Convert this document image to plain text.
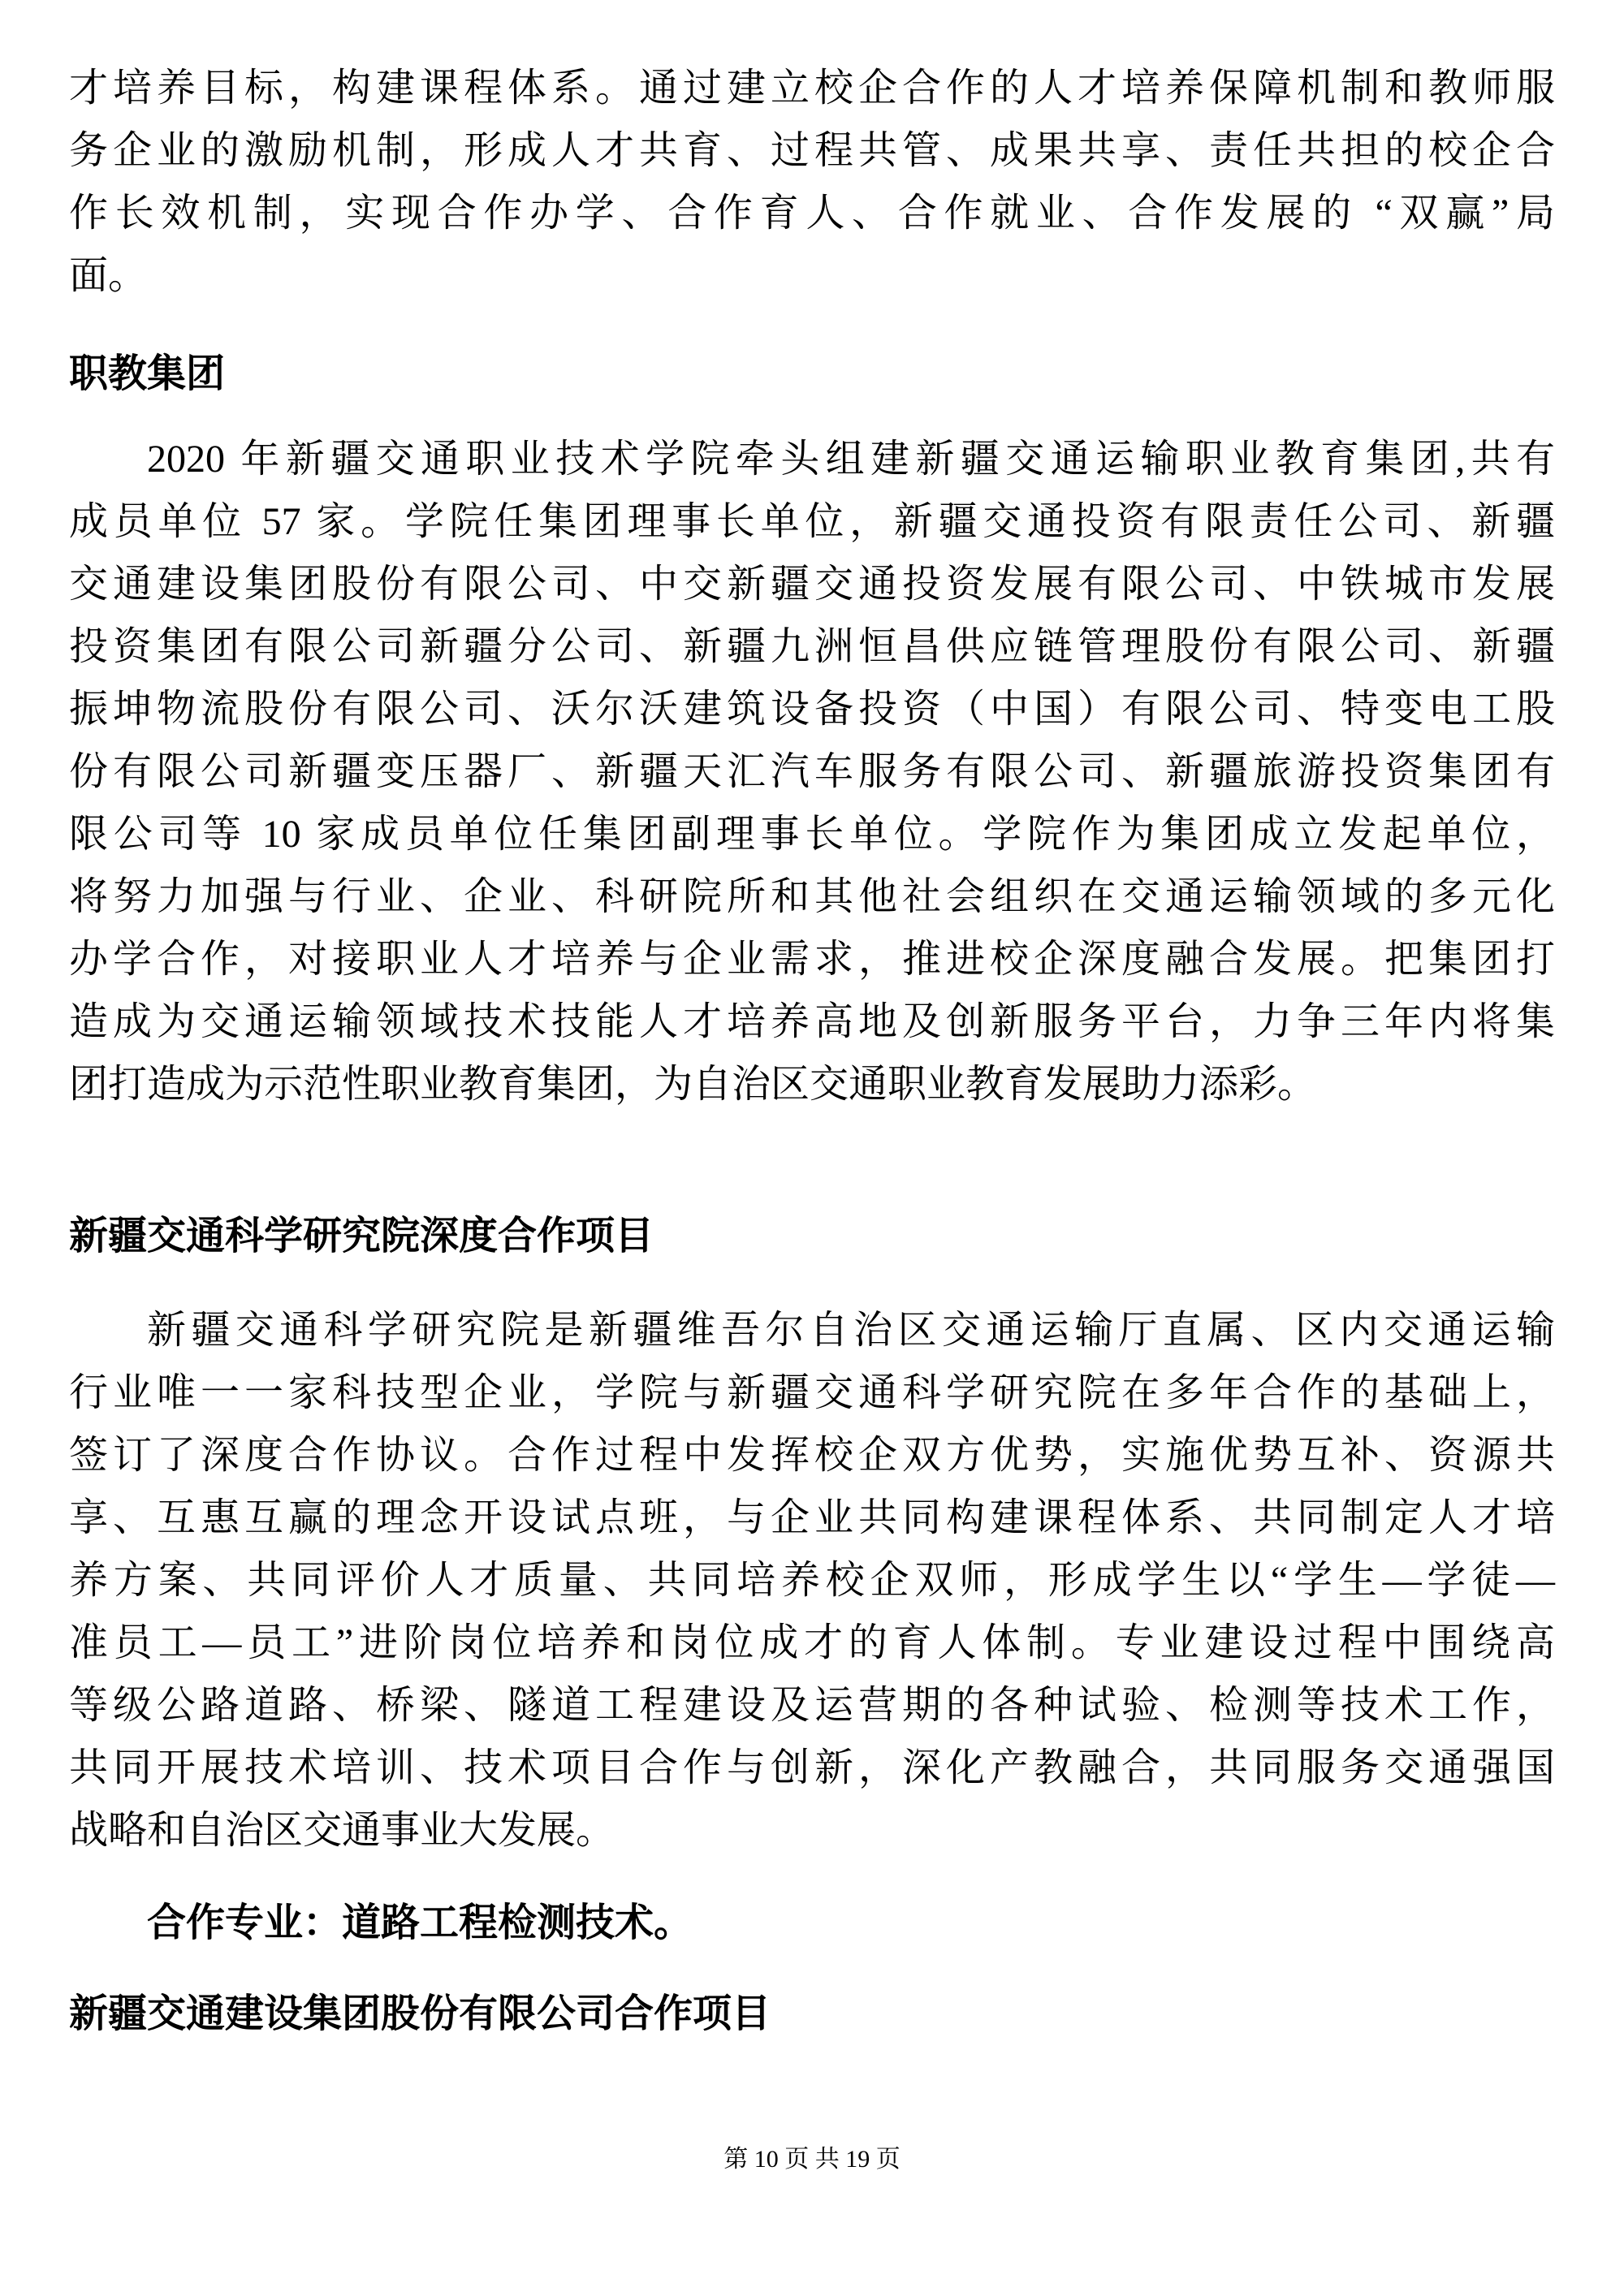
才培养目标，构建课程体系。通过建立校企合作的人才培养保障机制和教师服
务企业的激励机制，形成人才共育、过程共管、成果共享、责任共担的校企合
作长效机制，实现合作办学、合作育人、合作就业、合作发展的 “双赢”局
面。

职教集团

2020 年新疆交通职业技术学院牵头组建新疆交通运输职业教育集团,共有
成员单位 57 家。学院任集团理事长单位，新疆交通投资有限责任公司、新疆
交通建设集团股份有限公司、中交新疆交通投资发展有限公司、中铁城市发展
投资集团有限公司新疆分公司、新疆九洲恒昌供应链管理股份有限公司、新疆
振坤物流股份有限公司、沃尔沃建筑设备投资（中国）有限公司、特变电工股
份有限公司新疆变压器厂、新疆天汇汽车服务有限公司、新疆旅游投资集团有
限公司等 10 家成员单位任集团副理事长单位。学院作为集团成立发起单位，
将努力加强与行业、企业、科研院所和其他社会组织在交通运输领域的多元化
办学合作，对接职业人才培养与企业需求，推进校企深度融合发展。把集团打
造成为交通运输领域技术技能人才培养高地及创新服务平台，力争三年内将集
团打造成为示范性职业教育集团，为自治区交通职业教育发展助力添彩。

新疆交通科学研究院深度合作项目

新疆交通科学研究院是新疆维吾尔自治区交通运输厅直属、区内交通运输
行业唯一一家科技型企业，学院与新疆交通科学研究院在多年合作的基础上，
签订了深度合作协议。合作过程中发挥校企双方优势，实施优势互补、资源共
享、互惠互赢的理念开设试点班，与企业共同构建课程体系、共同制定人才培
养方案、共同评价人才质量、共同培养校企双师，形成学生以“学生—学徒—
准员工—员工”进阶岗位培养和岗位成才的育人体制。专业建设过程中围绕高
等级公路道路、桥梁、隧道工程建设及运营期的各种试验、检测等技术工作，
共同开展技术培训、技术项目合作与创新，深化产教融合，共同服务交通强国
战略和自治区交通事业大发展。

合作专业：道路工程检测技术。

新疆交通建设集团股份有限公司合作项目
第 10 页 共 19 页
